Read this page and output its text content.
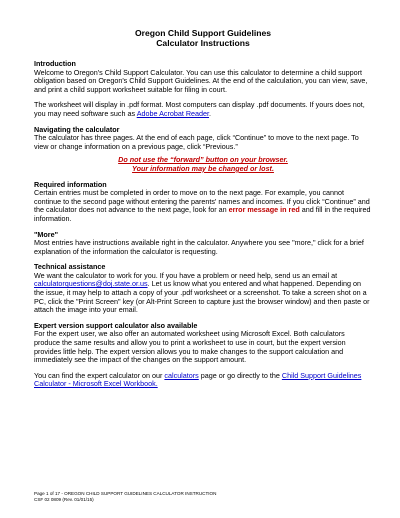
Oregon Child Support Guidelines
Calculator Instructions

Introduction

Welcome to Oregon's Child Support Calculator. You can use this calculator to determine a child support obligation based on Oregon's Child Support Guidelines. At the end of the calculation, you can view, save, and print a child support worksheet suitable for filing in court.

The worksheet will display in .pdf format. Most computers can display .pdf documents. If yours does not, you may need software such as Adobe Acrobat Reader.

Navigating the calculator

The calculator has three pages. At the end of each page, click “Continue” to move to the next page. To view or change information on a previous page, click “Previous.”

Do not use the “forward” button on your browser.

Your information may be changed or lost.

Required information

Certain entries must be completed in order to move on to the next page. For example, you cannot continue to the second page without entering the parents' names and incomes. If you click “Continue” and the calculator does not advance to the next page, look for an error message in red and fill in the required information.

"More"

Most entries have instructions available right in the calculator. Anywhere you see "more," click for a brief explanation of the information the calculator is requesting.

Technical assistance

We want the calculator to work for you. If you have a problem or need help, send us an email at calculatorquestions@doj.state.or.us. Let us know what you entered and what happened. Depending on the issue, it may help to attach a copy of your .pdf worksheet or a screenshot. To take a screen shot on a PC, click the "Print Screen" key (or Alt-Print Screen to capture just the browser window) and then paste or attach the image into your email.

Expert version support calculator also available

For the expert user, we also offer an automated worksheet using Microsoft Excel. Both calculators produce the same results and allow you to print a worksheet to use in court, but the expert version provides little help. The expert version allows you to make changes to the support calculation and immediately see the impact of the changes on the support amount.

You can find the expert calculator on our calculators page or go directly to the Child Support Guidelines Calculator - Microsoft Excel Workbook.

Page 1 of 17 - OREGON CHILD SUPPORT GUIDELINES CALCULATOR INSTRUCTION
CSF 02 0809 (Rev. 01/01/15)
